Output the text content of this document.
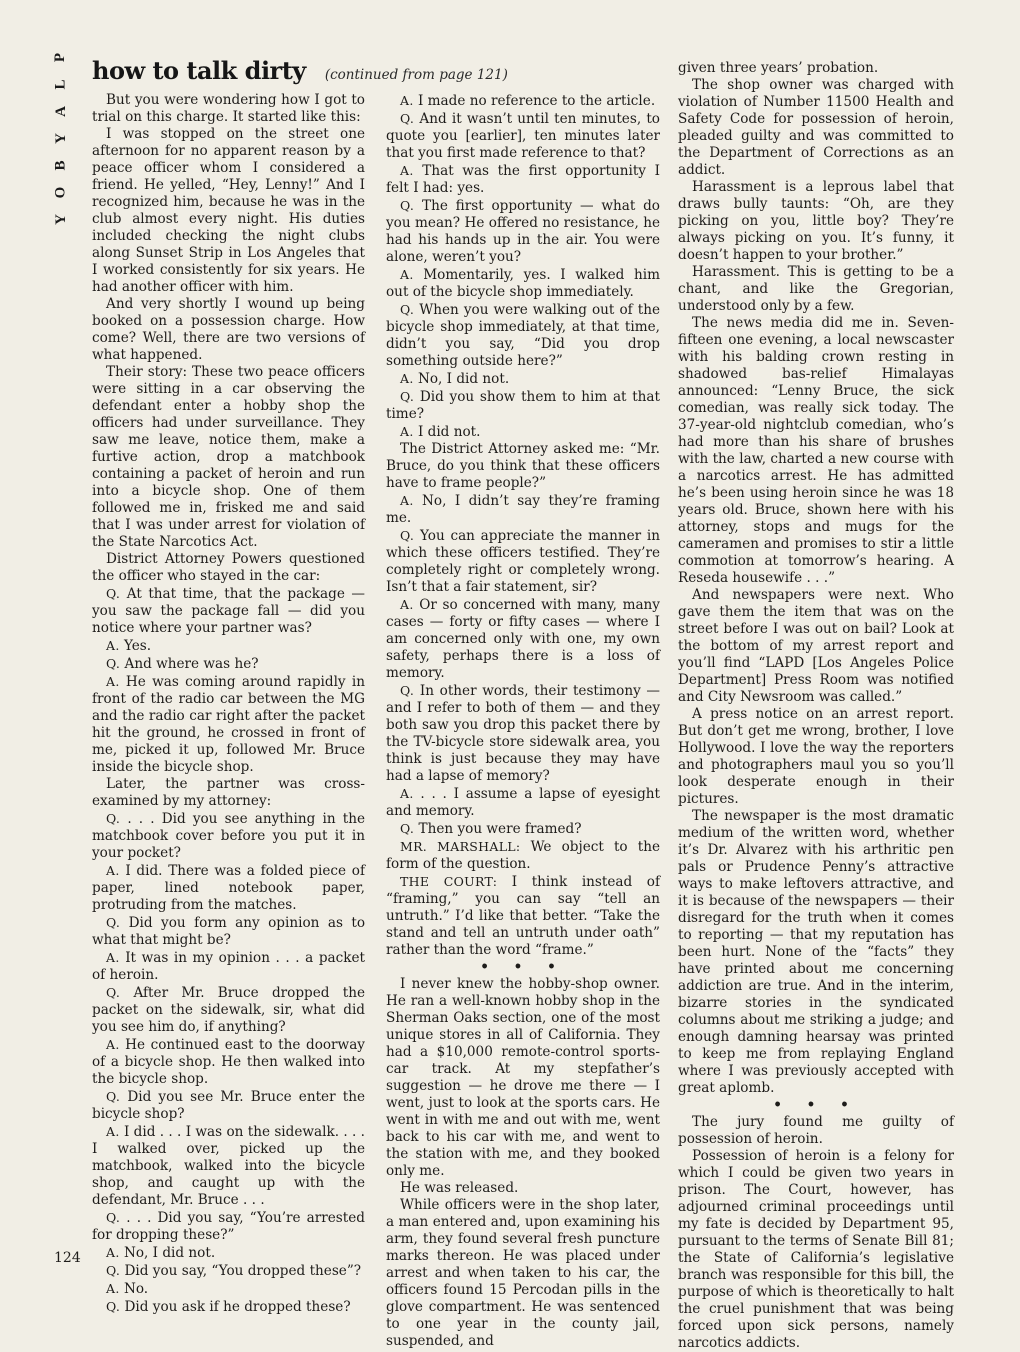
P
L
A
Y
B
O
Y
how to talk dirty (continued from page 121)

But you were wondering how I got to trial on this charge. It started like this:

I was stopped on the street one afternoon for no apparent reason by a peace officer whom I considered a friend. He yelled, “Hey, Lenny!” And I recognized him, because he was in the club almost every night. His duties included checking the night clubs along Sunset Strip in Los Angeles that I worked consistently for six years. He had another officer with him.

And very shortly I wound up being booked on a possession charge. How come? Well, there are two versions of what happened.

Their story: These two peace officers were sitting in a car observing the defendant enter a hobby shop the officers had under surveillance. They saw me leave, notice them, make a furtive action, drop a matchbook containing a packet of heroin and run into a bicycle shop. One of them followed me in, frisked me and said that I was under arrest for violation of the State Narcotics Act.

District Attorney Powers questioned the officer who stayed in the car:

Q. At that time, that the package — you saw the package fall — did you notice where your partner was?

A. Yes.

Q. And where was he?

A. He was coming around rapidly in front of the radio car between the MG and the radio car right after the packet hit the ground, he crossed in front of me, picked it up, followed Mr. Bruce inside the bicycle shop.

Later, the partner was cross-examined by my attorney:

Q. . . . Did you see anything in the matchbook cover before you put it in your pocket?

A. I did. There was a folded piece of paper, lined notebook paper, protruding from the matches.

Q. Did you form any opinion as to what that might be?

A. It was in my opinion . . . a packet of heroin.

Q. After Mr. Bruce dropped the packet on the sidewalk, sir, what did you see him do, if anything?

A. He continued east to the doorway of a bicycle shop. He then walked into the bicycle shop.

Q. Did you see Mr. Bruce enter the bicycle shop?

A. I did . . . I was on the sidewalk. . . . I walked over, picked up the matchbook, walked into the bicycle shop, and caught up with the defendant, Mr. Bruce . . .

Q. . . . Did you say, “You’re arrested for dropping these?”

A. No, I did not.

Q. Did you say, “You dropped these”?

A. No.

Q. Did you ask if he dropped these?

A. I made no reference to the article.

Q. And it wasn’t until ten minutes, to quote you [earlier], ten minutes later that you first made reference to that?

A. That was the first opportunity I felt I had: yes.

Q. The first opportunity — what do you mean? He offered no resistance, he had his hands up in the air. You were alone, weren’t you?

A. Momentarily, yes. I walked him out of the bicycle shop immediately.

Q. When you were walking out of the bicycle shop immediately, at that time, didn’t you say, “Did you drop something outside here?”

A. No, I did not.

Q. Did you show them to him at that time?

A. I did not.

The District Attorney asked me: “Mr. Bruce, do you think that these officers have to frame people?”

A. No, I didn’t say they’re framing me.

Q. You can appreciate the manner in which these officers testified. They’re completely right or completely wrong. Isn’t that a fair statement, sir?

A. Or so concerned with many, many cases — forty or fifty cases — where I am concerned only with one, my own safety, perhaps there is a loss of memory.

Q. In other words, their testimony — and I refer to both of them — and they both saw you drop this packet there by the TV-bicycle store sidewalk area, you think is just because they may have had a lapse of memory?

A. . . . I assume a lapse of eyesight and memory.

Q. Then you were framed?

MR. MARSHALL: We object to the form of the question.

THE COURT: I think instead of “framing,” you can say “tell an untruth.” I’d like that better. “Take the stand and tell an untruth under oath” rather than the word “frame.”

• • •

I never knew the hobby-shop owner. He ran a well-known hobby shop in the Sherman Oaks section, one of the most unique stores in all of California. They had a $10,000 remote-control sports-car track. At my stepfather’s suggestion — he drove me there — I went, just to look at the sports cars. He went in with me and out with me, went back to his car with me, and went to the station with me, and they booked only me.

He was released.

While officers were in the shop later, a man entered and, upon examining his arm, they found several fresh puncture marks thereon. He was placed under arrest and when taken to his car, the officers found 15 Percodan pills in the glove compartment. He was sentenced to one year in the county jail, suspended, and

given three years’ probation.

The shop owner was charged with violation of Number 11500 Health and Safety Code for possession of heroin, pleaded guilty and was committed to the Department of Corrections as an addict.

Harassment is a leprous label that draws bully taunts: “Oh, are they picking on you, little boy? They’re always picking on you. It’s funny, it doesn’t happen to your brother.”

Harassment. This is getting to be a chant, and like the Gregorian, understood only by a few.

The news media did me in. Seven-fifteen one evening, a local newscaster with his balding crown resting in shadowed bas-relief Himalayas announced: “Lenny Bruce, the sick comedian, was really sick today. The 37-year-old nightclub comedian, who’s had more than his share of brushes with the law, charted a new course with a narcotics arrest. He has admitted he’s been using heroin since he was 18 years old. Bruce, shown here with his attorney, stops and mugs for the cameramen and promises to stir a little commotion at tomorrow’s hearing. A Reseda housewife . . .”

And newspapers were next. Who gave them the item that was on the street before I was out on bail? Look at the bottom of my arrest report and you’ll find “LAPD [Los Angeles Police Department] Press Room was notified and City Newsroom was called.”

A press notice on an arrest report. But don’t get me wrong, brother, I love Hollywood. I love the way the reporters and photographers maul you so you’ll look desperate enough in their pictures.

The newspaper is the most dramatic medium of the written word, whether it’s Dr. Alvarez with his arthritic pen pals or Prudence Penny’s attractive ways to make leftovers attractive, and it is because of the newspapers — their disregard for the truth when it comes to reporting — that my reputation has been hurt. None of the “facts” they have printed about me concerning addiction are true. And in the interim, bizarre stories in the syndicated columns about me striking a judge; and enough damning hearsay was printed to keep me from replaying England where I was previously accepted with great aplomb.

• • •

The jury found me guilty of possession of heroin.

Possession of heroin is a felony for which I could be given two years in prison. The Court, however, has adjourned criminal proceedings until my fate is decided by Department 95, pursuant to the terms of Senate Bill 81; the State of California’s legislative branch was responsible for this bill, the purpose of which is theoretically to halt the cruel punishment that was being forced upon sick persons, namely narcotics addicts.

124
